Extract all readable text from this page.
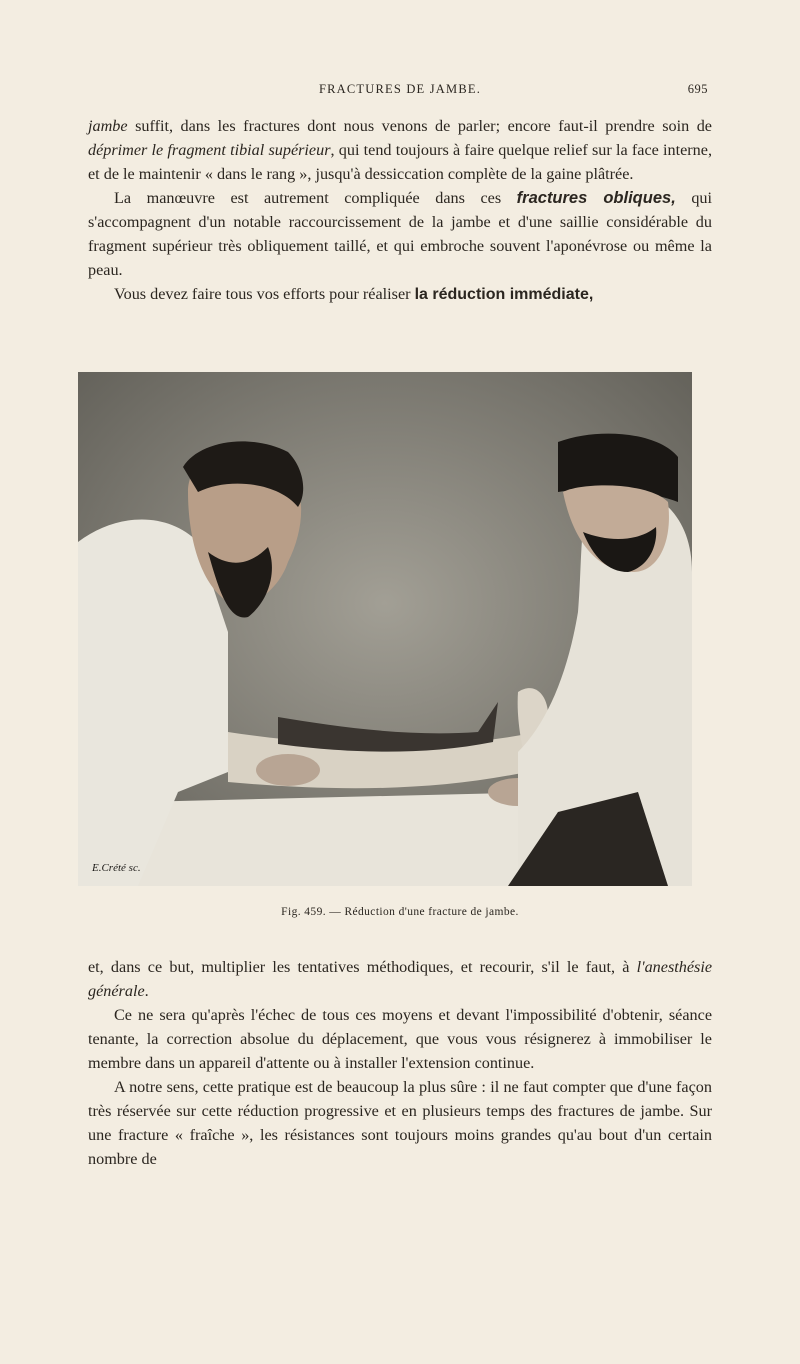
FRACTURES DE JAMBE.	695

jambe suffit, dans les fractures dont nous venons de parler; encore faut-il prendre soin de déprimer le fragment tibial supérieur, qui tend toujours à faire quelque relief sur la face interne, et de le maintenir « dans le rang », jusqu'à dessiccation complète de la gaine plâtrée.

La manœuvre est autrement compliquée dans ces fractures obliques, qui s'accompagnent d'un notable raccourcissement de la jambe et d'une saillie considérable du fragment supérieur très obliquement taillé, et qui embroche souvent l'aponévrose ou même la peau.

Vous devez faire tous vos efforts pour réaliser la réduction immédiate,

E.Crété sc.
Fig. 459. — Réduction d'une fracture de jambe.

et, dans ce but, multiplier les tentatives méthodiques, et recourir, s'il le faut, à l'anesthésie générale.

Ce ne sera qu'après l'échec de tous ces moyens et devant l'impossibilité d'obtenir, séance tenante, la correction absolue du déplacement, que vous vous résignerez à immobiliser le membre dans un appareil d'attente ou à installer l'extension continue.

A notre sens, cette pratique est de beaucoup la plus sûre : il ne faut compter que d'une façon très réservée sur cette réduction progressive et en plusieurs temps des fractures de jambe. Sur une fracture « fraîche », les résistances sont toujours moins grandes qu'au bout d'un certain nombre de
